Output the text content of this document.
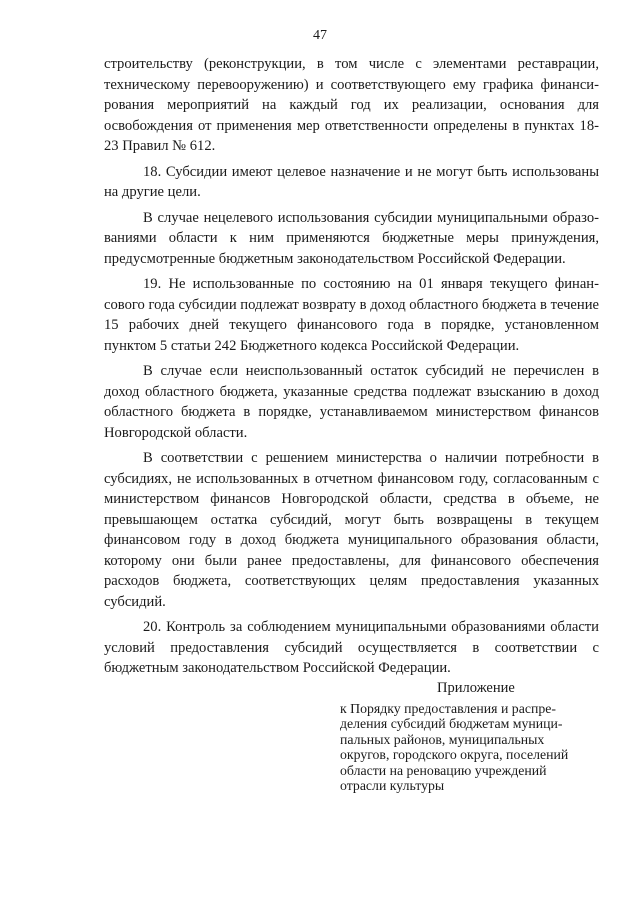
47

строительству (реконструкции, в том числе с элементами реставрации, техническому перевооружению) и соответствующего ему графика финансирования мероприятий на каждый год их реализации, основания для освобождения от применения мер ответственности определены в пунктах 18-23 Правил № 612.

18. Субсидии имеют целевое назначение и не могут быть использованы на другие цели.

В случае нецелевого использования субсидии муниципальными образованиями области к ним применяются бюджетные меры принуждения, предусмотренные бюджетным законодательством Российской Федерации.

19. Не использованные по состоянию на 01 января текущего финансового года субсидии подлежат возврату в доход областного бюджета в течение 15 рабочих дней текущего финансового года в порядке, установленном пунктом 5 статьи 242 Бюджетного кодекса Российской Федерации.

В случае если неиспользованный остаток субсидий не перечислен в доход областного бюджета, указанные средства подлежат взысканию в доход областного бюджета в порядке, устанавливаемом министерством финансов Новгородской области.

В соответствии с решением министерства о наличии потребности в субсидиях, не использованных в отчетном финансовом году, согласованным с министерством финансов Новгородской области, средства в объеме, не превышающем остатка субсидий, могут быть возвращены в текущем финансовом году в доход бюджета муниципального образования области, которому они были ранее предоставлены, для финансового обеспечения расходов бюджета, соответствующих целям предоставления указанных субсидий.

20. Контроль за соблюдением муниципальными образованиями области условий предоставления субсидий осуществляется в соответствии с бюджетным законодательством Российской Федерации.

Приложение
к Порядку предоставления и распре-
деления субсидий бюджетам муници-
пальных районов, муниципальных
округов, городского округа, поселений
области на реновацию учреждений
отрасли культуры
